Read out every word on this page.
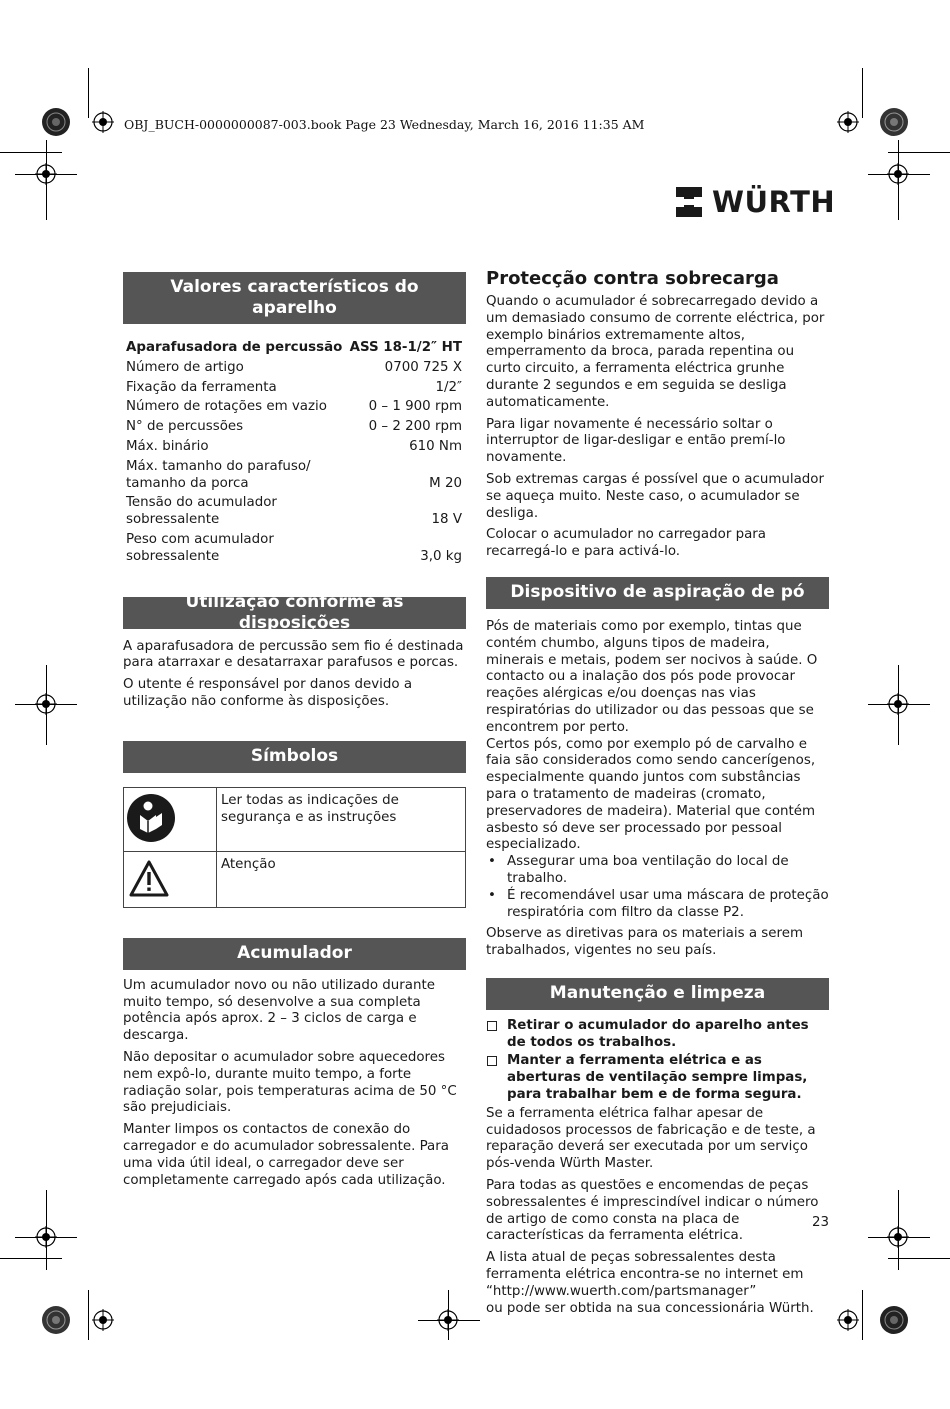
OBJ_BUCH-0000000087-003.book Page 23 Wednesday, March 16, 2016 11:35 AM
WÜRTH
Valores característicos do aparelho
Aparafusadora de percussão	ASS 18-1/2″ HT
Número de artigo	0700 725 X
Fixação da ferramenta	1/2″
Número de rotações em vazio	0 – 1 900 rpm
N° de percussões	0 – 2 200 rpm
Máx. binário	610 Nm
Máx. tamanho do parafuso/ tamanho da porca	M 20
Tensão do acumulador sobressalente	18 V
Peso com acumulador sobressalente	3,0 kg
Utilização conforme as disposições

A aparafusadora de percussão sem fio é destinada para atarraxar e desatarraxar parafusos e porcas.

O utente é responsável por danos devido a utilização não conforme às disposições.

Símbolos
	Ler todas as indicações de segurança e as instruções
	Atenção
Acumulador

Um acumulador novo ou não utilizado durante muito tempo, só desenvolve a sua completa potência após aprox. 2 – 3 ciclos de carga e descarga.

Não depositar o acumulador sobre aquecedores nem expô-lo, durante muito tempo, a forte radiação solar, pois temperaturas acima de 50 °C são prejudiciais.

Manter limpos os contactos de conexão do carregador e do acumulador sobressalente. Para uma vida útil ideal, o carregador deve ser completamente carregado após cada utilização.

Protecção contra sobrecarga

Quando o acumulador é sobrecarregado devido a um demasiado consumo de corrente eléctrica, por exemplo binários extremamente altos, emperramento da broca, parada repentina ou curto circuito, a ferramenta eléctrica grunhe durante 2 segundos e em seguida se desliga automaticamente.

Para ligar novamente é necessário soltar o interruptor de ligar-desligar e então premí-lo novamente.

Sob extremas cargas é possível que o acumulador se aqueça muito. Neste caso, o acumulador se desliga.

Colocar o acumulador no carregador para recarregá-lo e para activá-lo.

Dispositivo de aspiração de pó

Pós de materiais como por exemplo, tintas que contém chumbo, alguns tipos de madeira, minerais e metais, podem ser nocivos à saúde. O contacto ou a inalação dos pós pode provocar reações alérgicas e/ou doenças nas vias respiratórias do utilizador ou das pessoas que se encontrem por perto.

Certos pós, como por exemplo pó de carvalho e faia são considerados como sendo cancerígenos, especialmente quando juntos com substâncias para o tratamento de madeiras (cromato, preservadores de madeira). Material que contém asbesto só deve ser processado por pessoal especializado.

• Assegurar uma boa ventilação do local de trabalho.
• É recomendável usar uma máscara de proteção respiratória com filtro da classe P2.

Observe as diretivas para os materiais a serem trabalhados, vigentes no seu país.

Manutenção e limpeza
Retirar o acumulador do aparelho antes de todos os trabalhos.
Manter a ferramenta elétrica e as aberturas de ventilação sempre limpas, para trabalhar bem e de forma segura.

Se a ferramenta elétrica falhar apesar de cuidadosos processos de fabricação e de teste, a reparação deverá ser executada por um serviço pós-venda Würth Master.

Para todas as questões e encomendas de peças sobressalentes é imprescindível indicar o número de artigo de como consta na placa de características da ferramenta elétrica.

A lista atual de peças sobressalentes desta ferramenta elétrica encontra-se no internet em

“http://www.wuerth.com/partsmanager”
ou pode ser obtida na sua concessionária Würth.
23
